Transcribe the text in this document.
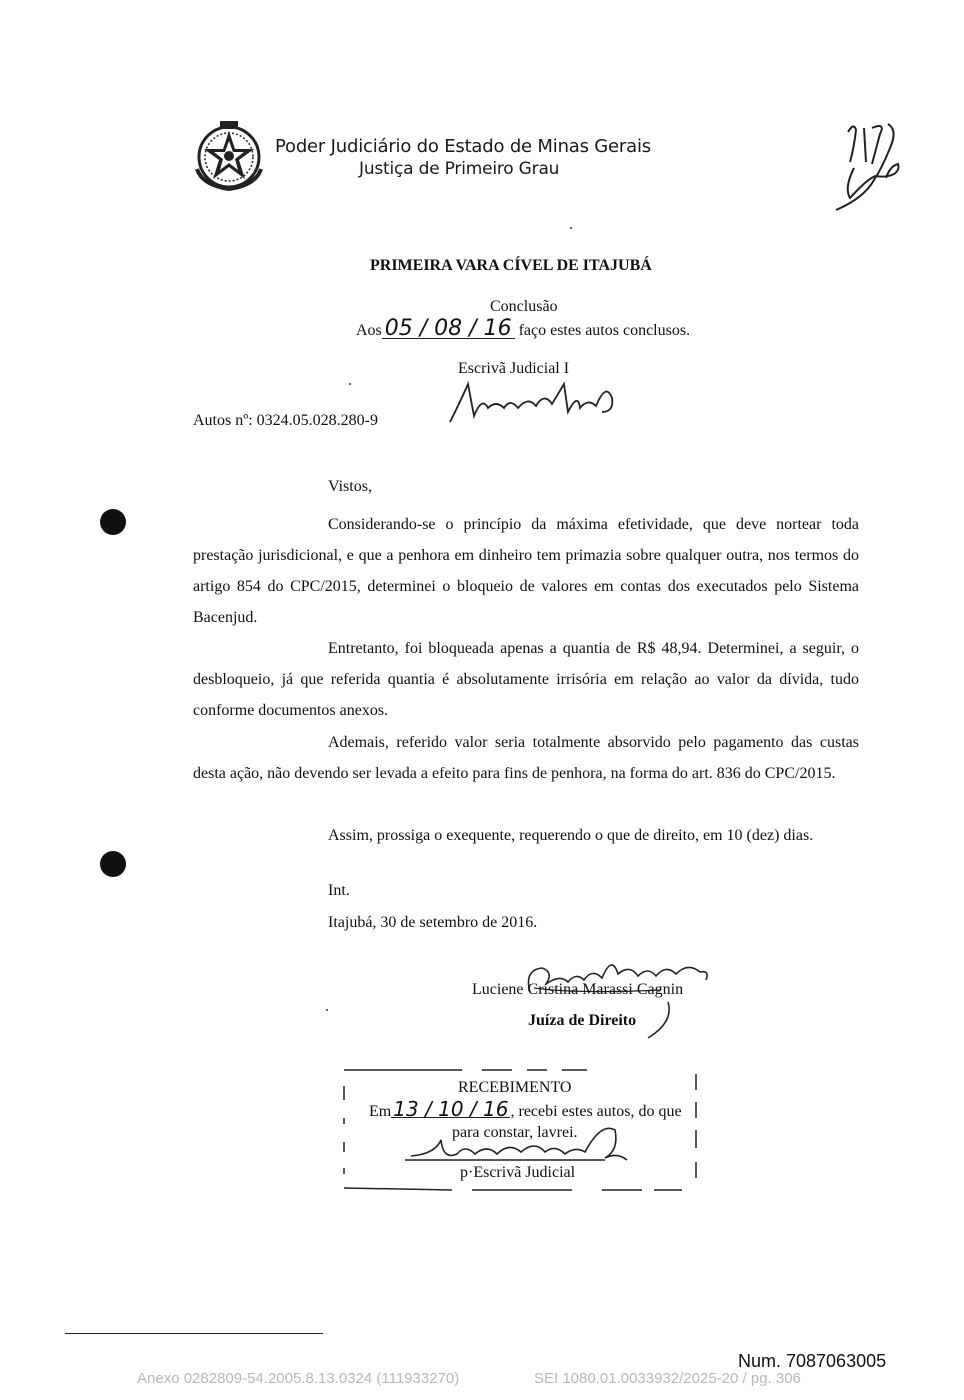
Poder Judiciário do Estado de Minas Gerais
Justiça de Primeiro Grau
PRIMEIRA VARA CÍVEL DE ITAJUBÁ
Conclusão
Aos 05 / 08 / 16 faço estes autos conclusos.
Escrivã Judicial I
Autos nº: 0324.05.028.280-9
Vistos,
Considerando-se o princípio da máxima efetividade, que deve nortear toda prestação jurisdicional, e que a penhora em dinheiro tem primazia sobre qualquer outra, nos termos do artigo 854 do CPC/2015, determinei o bloqueio de valores em contas dos executados pelo Sistema Bacenjud.
Entretanto, foi bloqueada apenas a quantia de R$ 48,94. Determinei, a seguir, o desbloqueio, já que referida quantia é absolutamente irrisória em relação ao valor da dívida, tudo conforme documentos anexos.
Ademais, referido valor seria totalmente absorvido pelo pagamento das custas desta ação, não devendo ser levada a efeito para fins de penhora, na forma do art. 836 do CPC/2015.
Assim, prossiga o exequente, requerendo o que de direito, em 10 (dez) dias.
Int.
Itajubá, 30 de setembro de 2016.
Luciene Cristina Marassi Cagnin
Juíza de Direito
RECEBIMENTO
Em 13 / 10 / 16 , recebi estes autos, do que
para constar, lavrei.
p·Escrivã Judicial
Num. 7087063005
Anexo 0282809-54.2005.8.13.0324 (111933270)	SEI 1080.01.0033932/2025-20 / pg. 306
